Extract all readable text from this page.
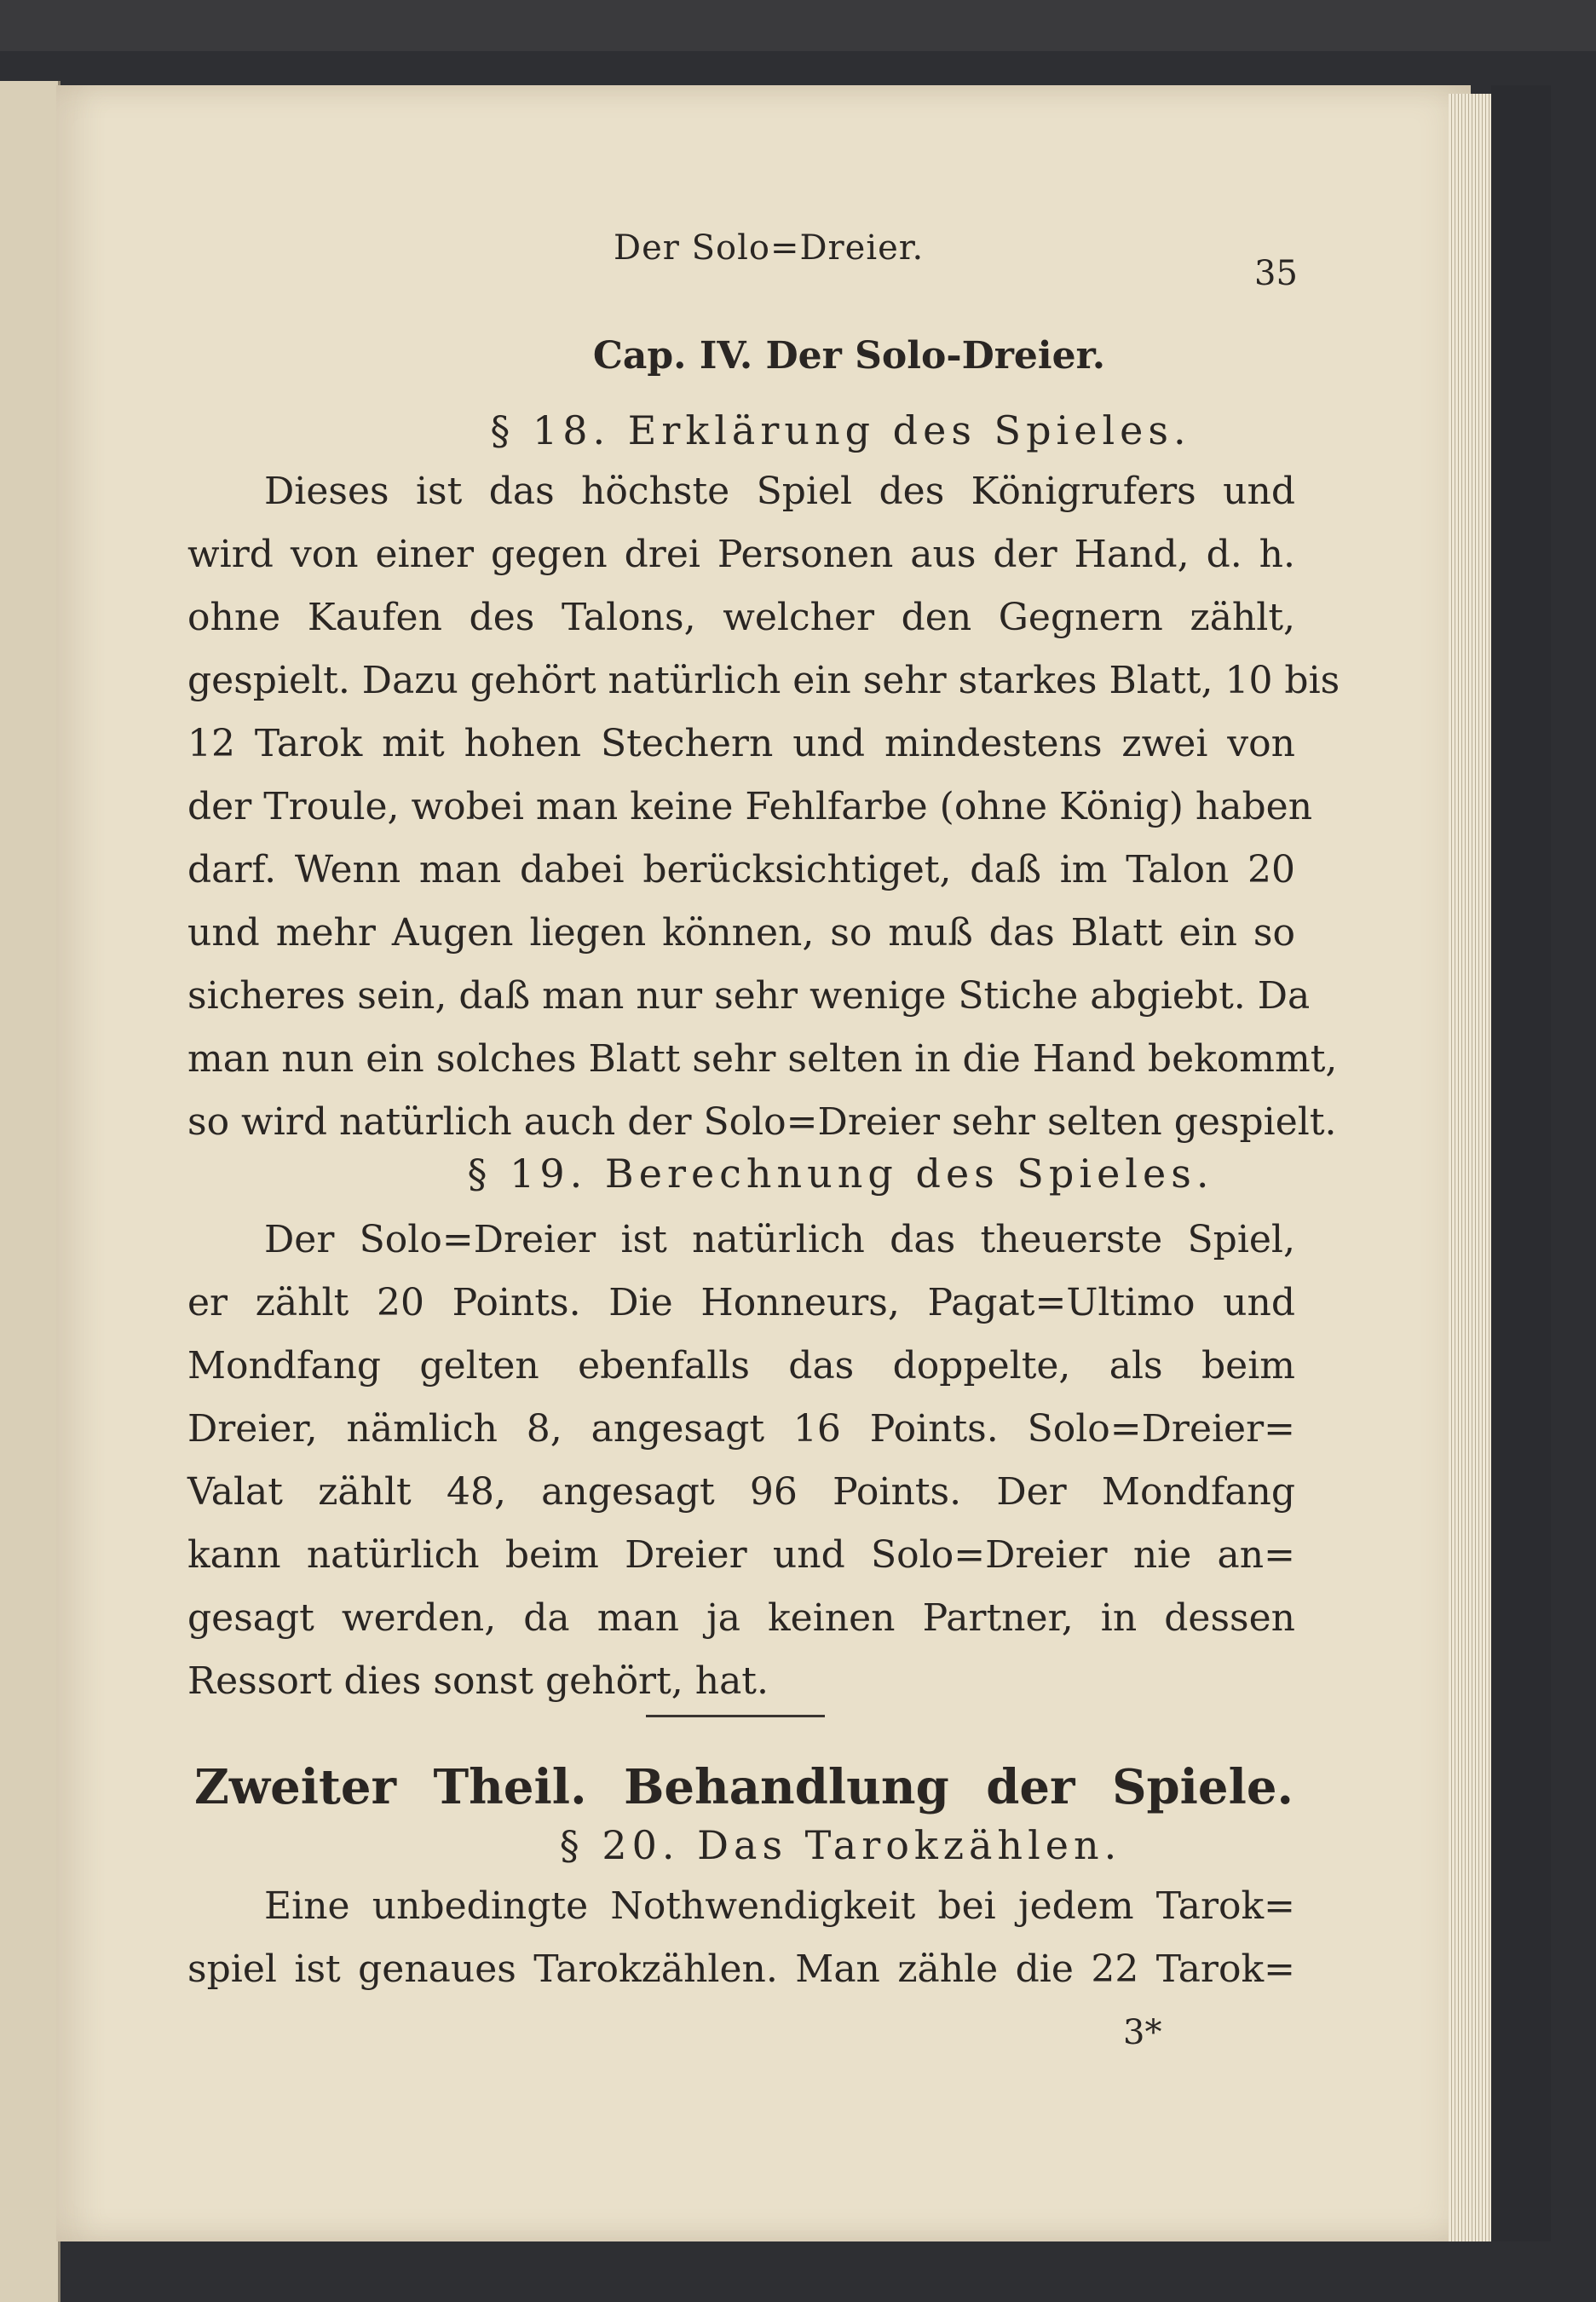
Der Solo=Dreier.
35
Cap. IV. Der Solo-Dreier.
§ 18. Erklärung des Spieles.
Dieses ist das höchste Spiel des Königrufers und
wird von einer gegen drei Personen aus der Hand, d. h.
ohne Kaufen des Talons, welcher den Gegnern zählt,
gespielt. Dazu gehört natürlich ein sehr starkes Blatt, 10 bis
12 Tarok mit hohen Stechern und mindestens zwei von
der Troule, wobei man keine Fehlfarbe (ohne König) haben
darf. Wenn man dabei berücksichtiget, daß im Talon 20
und mehr Augen liegen können, so muß das Blatt ein so
sicheres sein, daß man nur sehr wenige Stiche abgiebt. Da
man nun ein solches Blatt sehr selten in die Hand bekommt,
so wird natürlich auch der Solo=Dreier sehr selten gespielt.
§ 19. Berechnung des Spieles.
Der Solo=Dreier ist natürlich das theuerste Spiel,
er zählt 20 Points. Die Honneurs, Pagat=Ultimo und
Mondfang gelten ebenfalls das doppelte, als beim
Dreier, nämlich 8, angesagt 16 Points. Solo=Dreier=
Valat zählt 48, angesagt 96 Points. Der Mondfang
kann natürlich beim Dreier und Solo=Dreier nie an=
gesagt werden, da man ja keinen Partner, in dessen
Ressort dies sonst gehört, hat.
Zweiter Theil. Behandlung der Spiele.
§ 20. Das Tarokzählen.
Eine unbedingte Nothwendigkeit bei jedem Tarok=
spiel ist genaues Tarokzählen. Man zähle die 22 Tarok=
3*
